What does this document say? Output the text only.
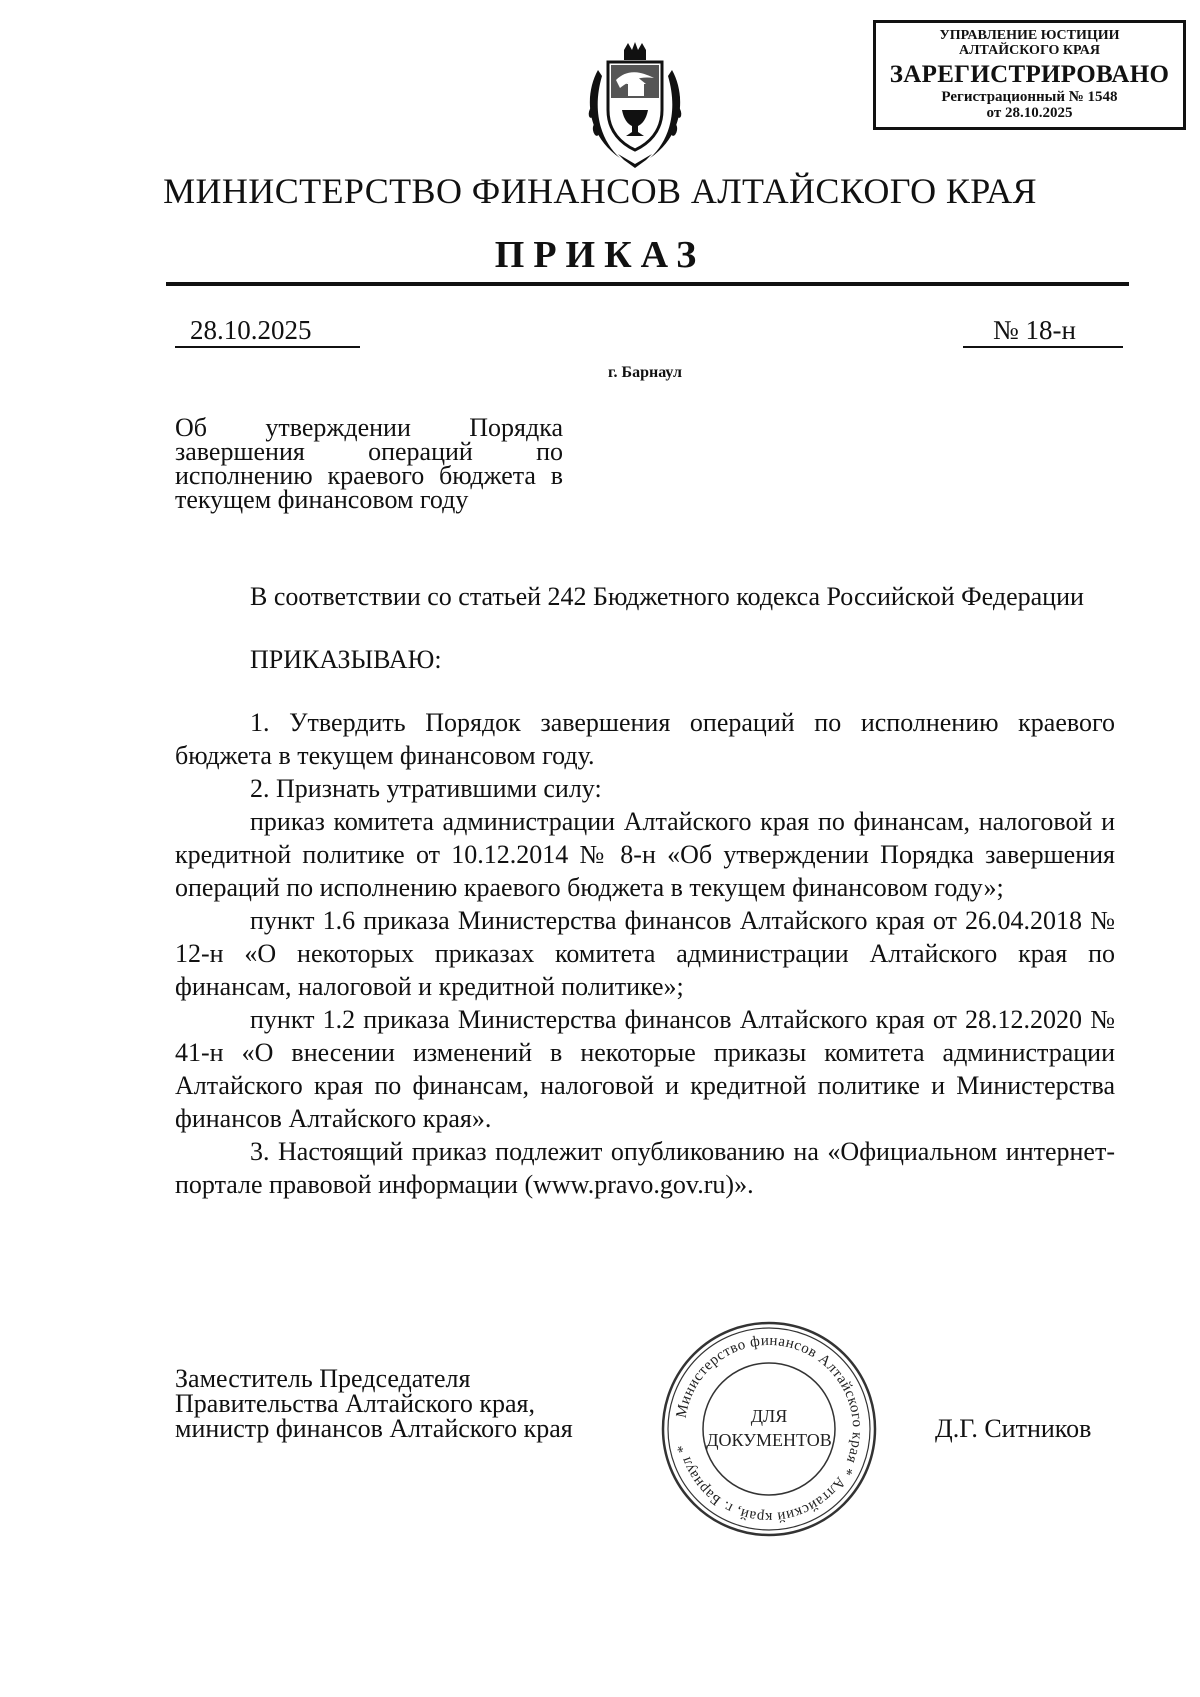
УПРАВЛЕНИЕ ЮСТИЦИИ
АЛТАЙСКОГО КРАЯ
ЗАРЕГИСТРИРОВАНО
Регистрационный № 1548
от 28.10.2025
МИНИСТЕРСТВО ФИНАНСОВ АЛТАЙСКОГО КРАЯ
ПРИКАЗ
28.10.2025	№ 18-н
г. Барнаул
Об утверждении Порядка завершения операций по исполнению краевого бюджета в текущем финансовом году

В соответствии со статьей 242 Бюджетного кодекса Российской Федерации

ПРИКАЗЫВАЮ:

1. Утвердить Порядок завершения операций по исполнению краевого бюджета в текущем финансовом году.

2. Признать утратившими силу:

приказ комитета администрации Алтайского края по финансам, налоговой и кредитной политике от 10.12.2014 № 8-н «Об утверждении Порядка завершения операций по исполнению краевого бюджета в текущем финансовом году»;

пункт 1.6 приказа Министерства финансов Алтайского края от 26.04.2018 № 12-н «О некоторых приказах комитета администрации Алтайского края по финансам, налоговой и кредитной политике»;

пункт 1.2 приказа Министерства финансов Алтайского края от 28.12.2020 № 41-н «О внесении изменений в некоторые приказы комитета администрации Алтайского края по финансам, налоговой и кредитной политике и Министерства финансов Алтайского края».

3. Настоящий приказ подлежит опубликованию на «Официальном интернет-портале правовой информации (www.pravo.gov.ru)».

Заместитель Председателя
Правительства Алтайского края,
министр финансов Алтайского края	Д.Г. Ситников
Министерство финансов Алтайского края * Алтайский край, г. Барнаул *
ДЛЯ
ДОКУМЕНТОВ
